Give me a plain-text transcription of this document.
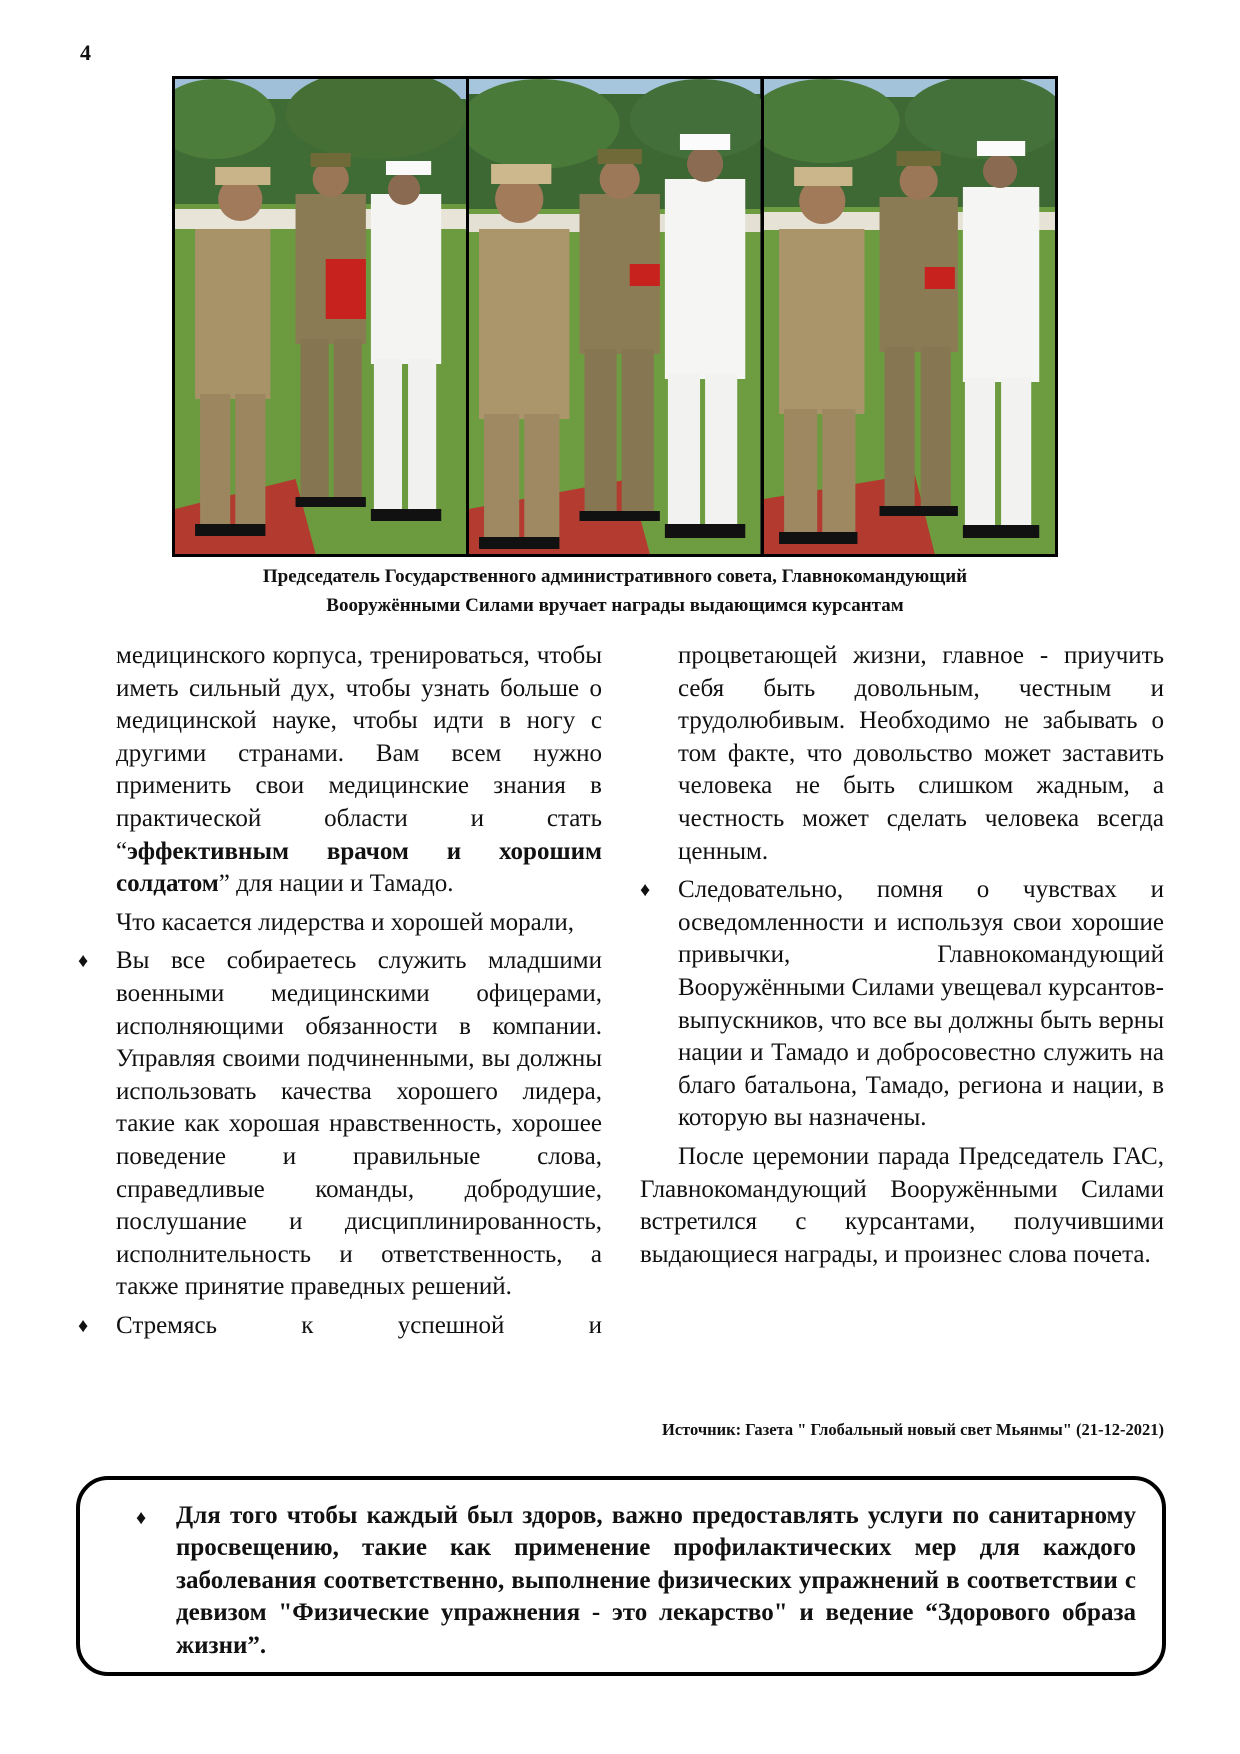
4
Председатель Государственного административного совета, Главнокомандующий
Вооружёнными Силами вручает награды выдающимся курсантам

медицинского корпуса, тренироваться, чтобы иметь сильный дух, чтобы узнать больше о медицинской науке, чтобы идти в ногу с другими странами. Вам всем нужно применить свои медицинские знания в практической области и стать “эффективным врачом и хорошим солдатом” для нации и Тамадо.

Что касается лидерства и хорошей морали,

♦ Вы все собираетесь служить младшими военными медицинскими офицерами, исполняющими обязанности в компании. Управляя своими подчиненными, вы должны использовать качества хорошего лидера, такие как хорошая нравственность, хорошее поведение и правильные слова, справедливые команды, добродушие, послушание и дисциплинированность, исполнительность и ответственность, а также принятие праведных решений.
♦ Стремясь к успешной и

процветающей жизни, главное - приучить себя быть довольным, честным и трудолюбивым. Необходимо не забывать о том факте, что довольство может заставить человека не быть слишком жадным, а честность может сделать человека всегда ценным.

♦ Следовательно, помня о чувствах и осведомленности и используя свои хорошие привычки, Главнокомандующий Вооружёнными Силами увещевал курсантов-выпускников, что все вы должны быть верны нации и Тамадо и добросовестно служить на благо батальона, Тамадо, региона и нации, в которую вы назначены.

После церемонии парада Председатель ГАС, Главнокомандующий Вооружёнными Силами встретился с курсантами, получившими выдающиеся награды, и произнес слова почета.

Источник: Газета " Глобальный новый свет Мьянмы" (21-12-2021)
♦ Для того чтобы каждый был здоров, важно предоставлять услуги по санитарному просвещению, такие как применение профилактических мер для каждого заболевания соответственно, выполнение физических упражнений в соответствии с девизом "Физические упражнения - это лекарство" и ведение “Здорового образа жизни”.
